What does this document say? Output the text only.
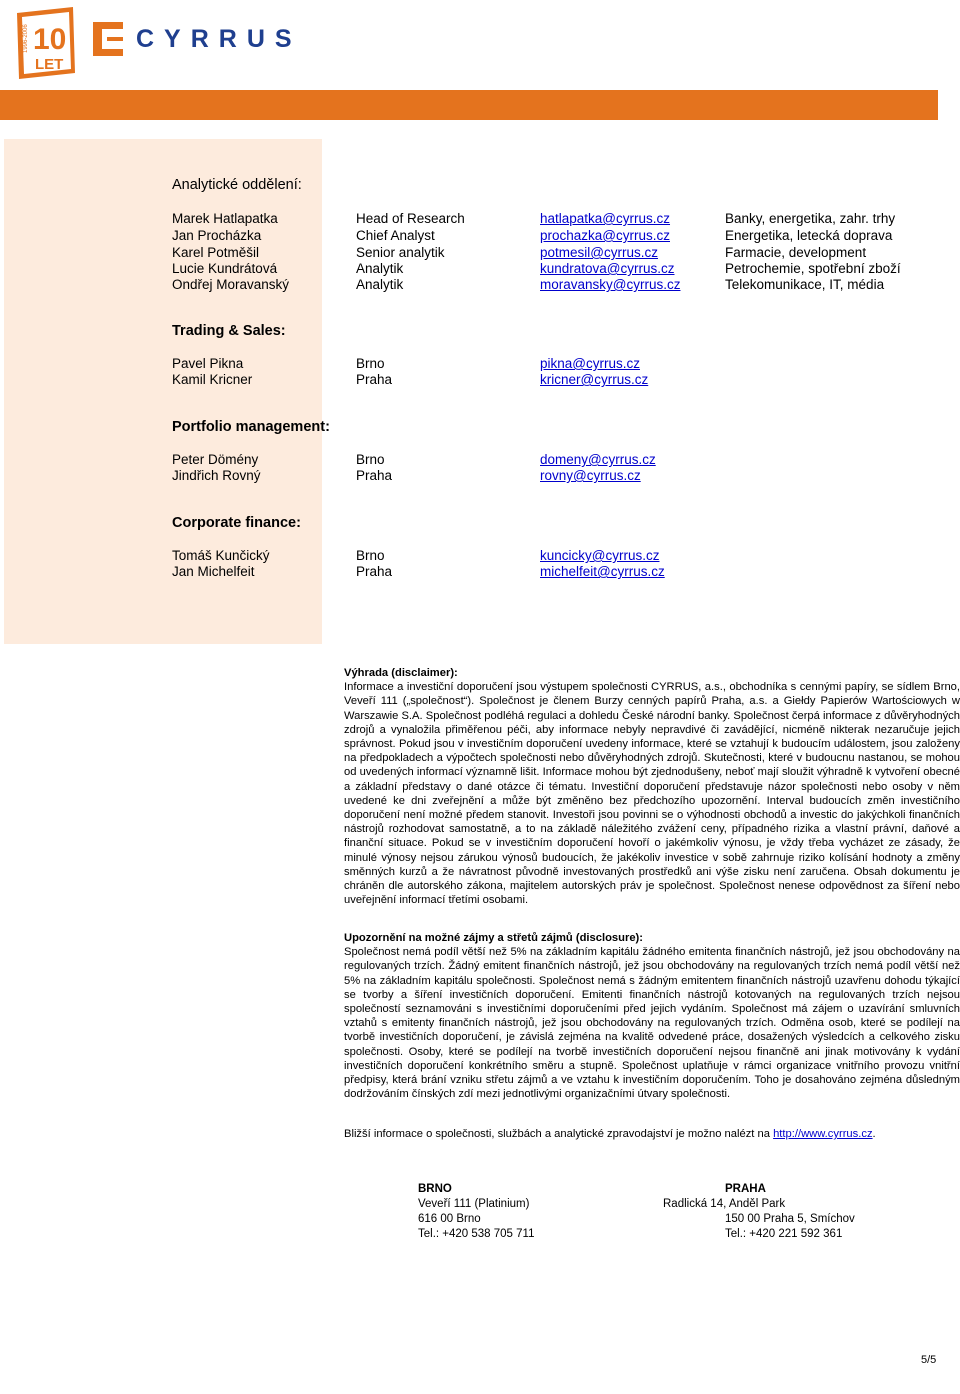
1996-2006 10
LET
CYRRUS
Analytické oddělení:
Marek Hatlapatka	Head of Research	hatlapatka@cyrrus.cz	Banky, energetika, zahr. trhy
Jan Procházka	Chief Analyst	prochazka@cyrrus.cz	Energetika, letecká doprava
Karel Potměšil	Senior analytik	potmesil@cyrrus.cz	Farmacie, development
Lucie Kundrátová	Analytik	kundratova@cyrrus.cz	Petrochemie, spotřební zboží
Ondřej Moravanský	Analytik	moravansky@cyrrus.cz	Telekomunikace, IT, média
Trading & Sales:
Pavel Pikna	Brno	pikna@cyrrus.cz
Kamil Kricner	Praha	kricner@cyrrus.cz
Portfolio management:
Peter Dömény	Brno	domeny@cyrrus.cz
Jindřich Rovný	Praha	rovny@cyrrus.cz
Corporate finance:
Tomáš Kunčický	Brno	kuncicky@cyrrus.cz
Jan Michelfeit	Praha	michelfeit@cyrrus.cz
Výhrada (disclaimer):
Informace a investiční doporučení jsou výstupem společnosti CYRRUS, a.s., obchodníka s cennými papíry, se sídlem Brno, Veveří 111 („společnost“). Společnost je členem Burzy cenných papírů Praha, a.s. a Giełdy Papierów Wartościowych w Warszawie S.A. Společnost podléhá regulaci a dohledu České národní banky. Společnost čerpá informace z důvěryhodných zdrojů a vynaložila přiměřenou péči, aby informace nebyly nepravdivé či zavádějící, nicméně nikterak nezaručuje jejich správnost. Pokud jsou v investičním doporučení uvedeny informace, které se vztahují k budoucím událostem, jsou založeny na předpokladech a výpočtech společnosti nebo důvěryhodných zdrojů. Skutečnosti, které v budoucnu nastanou, se mohou od uvedených informací významně lišit. Informace mohou být zjednodušeny, neboť mají sloužit výhradně k vytvoření obecné a základní představy o dané otázce či tématu. Investiční doporučení představuje názor společnosti nebo osoby v něm uvedené ke dni zveřejnění a může být změněno bez předchozího upozornění. Interval budoucích změn investičního doporučení není možné předem stanovit. Investoři jsou povinni se o výhodnosti obchodů a investic do jakýchkoli finančních nástrojů rozhodovat samostatně, a to na základě náležitého zvážení ceny, případného rizika a vlastní právní, daňové a finanční situace. Pokud se v investičním doporučení hovoří o jakémkoliv výnosu, je vždy třeba vycházet ze zásady, že minulé výnosy nejsou zárukou výnosů budoucích, že jakékoliv investice v sobě zahrnuje riziko kolísání hodnoty a změny směnných kurzů a že návratnost původně investovaných prostředků ani výše zisku není zaručena. Obsah dokumentu je chráněn dle autorského zákona, majitelem autorských práv je společnost. Společnost nenese odpovědnost za šíření nebo uveřejnění informací třetími osobami.
Upozornění na možné zájmy a střetů zájmů (disclosure):
Společnost nemá podíl větší než 5% na základním kapitálu žádného emitenta finančních nástrojů, jež jsou obchodovány na regulovaných trzích. Žádný emitent finančních nástrojů, jež jsou obchodovány na regulovaných trzích nemá podíl větší než 5% na základním kapitálu společnosti. Společnost nemá s žádným emitentem finančních nástrojů uzavřenu dohodu týkající se tvorby a šíření investičních doporučení. Emitenti finančních nástrojů kotovaných na regulovaných trzích nejsou společností seznamováni s investičními doporučeními před jejich vydáním. Společnost má zájem o uzavírání smluvních vztahů s emitenty finančních nástrojů, jež jsou obchodovány na regulovaných trzích. Odměna osob, které se podílejí na tvorbě investičních doporučení, je závislá zejména na kvalitě odvedené práce, dosažených výsledcích a celkového zisku společnosti. Osoby, které se podílejí na tvorbě investičních doporučení nejsou finančně ani jinak motivovány k vydání investičních doporučení konkrétního směru a stupně. Společnost uplatňuje v rámci organizace vnitřního provozu vnitřní předpisy, která brání vzniku střetu zájmů a ve vztahu k investičním doporučením. Toho je dosahováno zejména důsledným dodržováním čínských zdí mezi jednotlivými organizačními útvary společnosti.
Bližší informace o společnosti, službách a analytické zpravodajství je možno nalézt na http://www.cyrrus.cz.
BRNO
Veveří 111 (Platinium)
616 00 Brno
Tel.: +420 538 705 711
PRAHA
Radlická 14, Anděl Park
150 00 Praha 5, Smíchov
Tel.: +420 221 592 361
5/5
